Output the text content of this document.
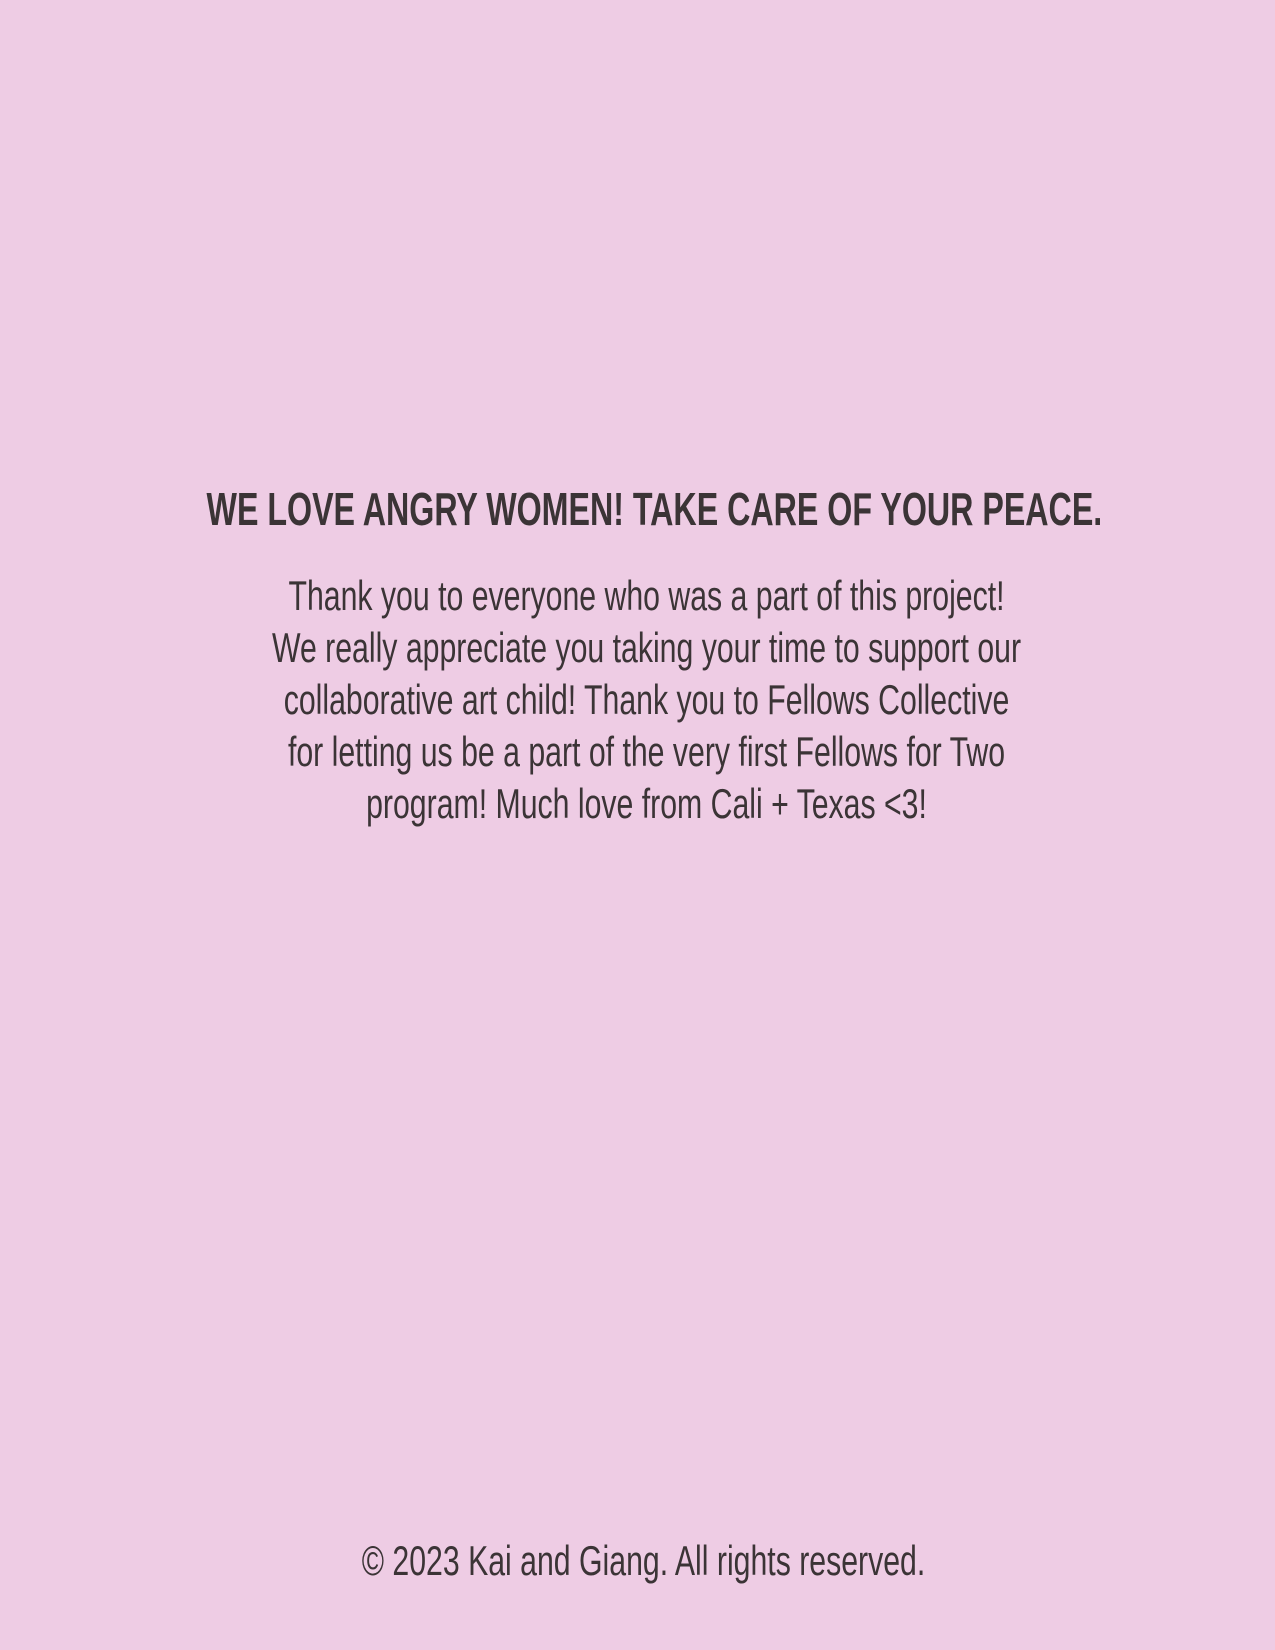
WE LOVE ANGRY WOMEN! TAKE CARE OF YOUR PEACE.
Thank you to everyone who was a part of this project!
We really appreciate you taking your time to support our
collaborative art child! Thank you to Fellows Collective
for letting us be a part of the very first Fellows for Two
program! Much love from Cali + Texas <3!
© 2023 Kai and Giang. All rights reserved.
